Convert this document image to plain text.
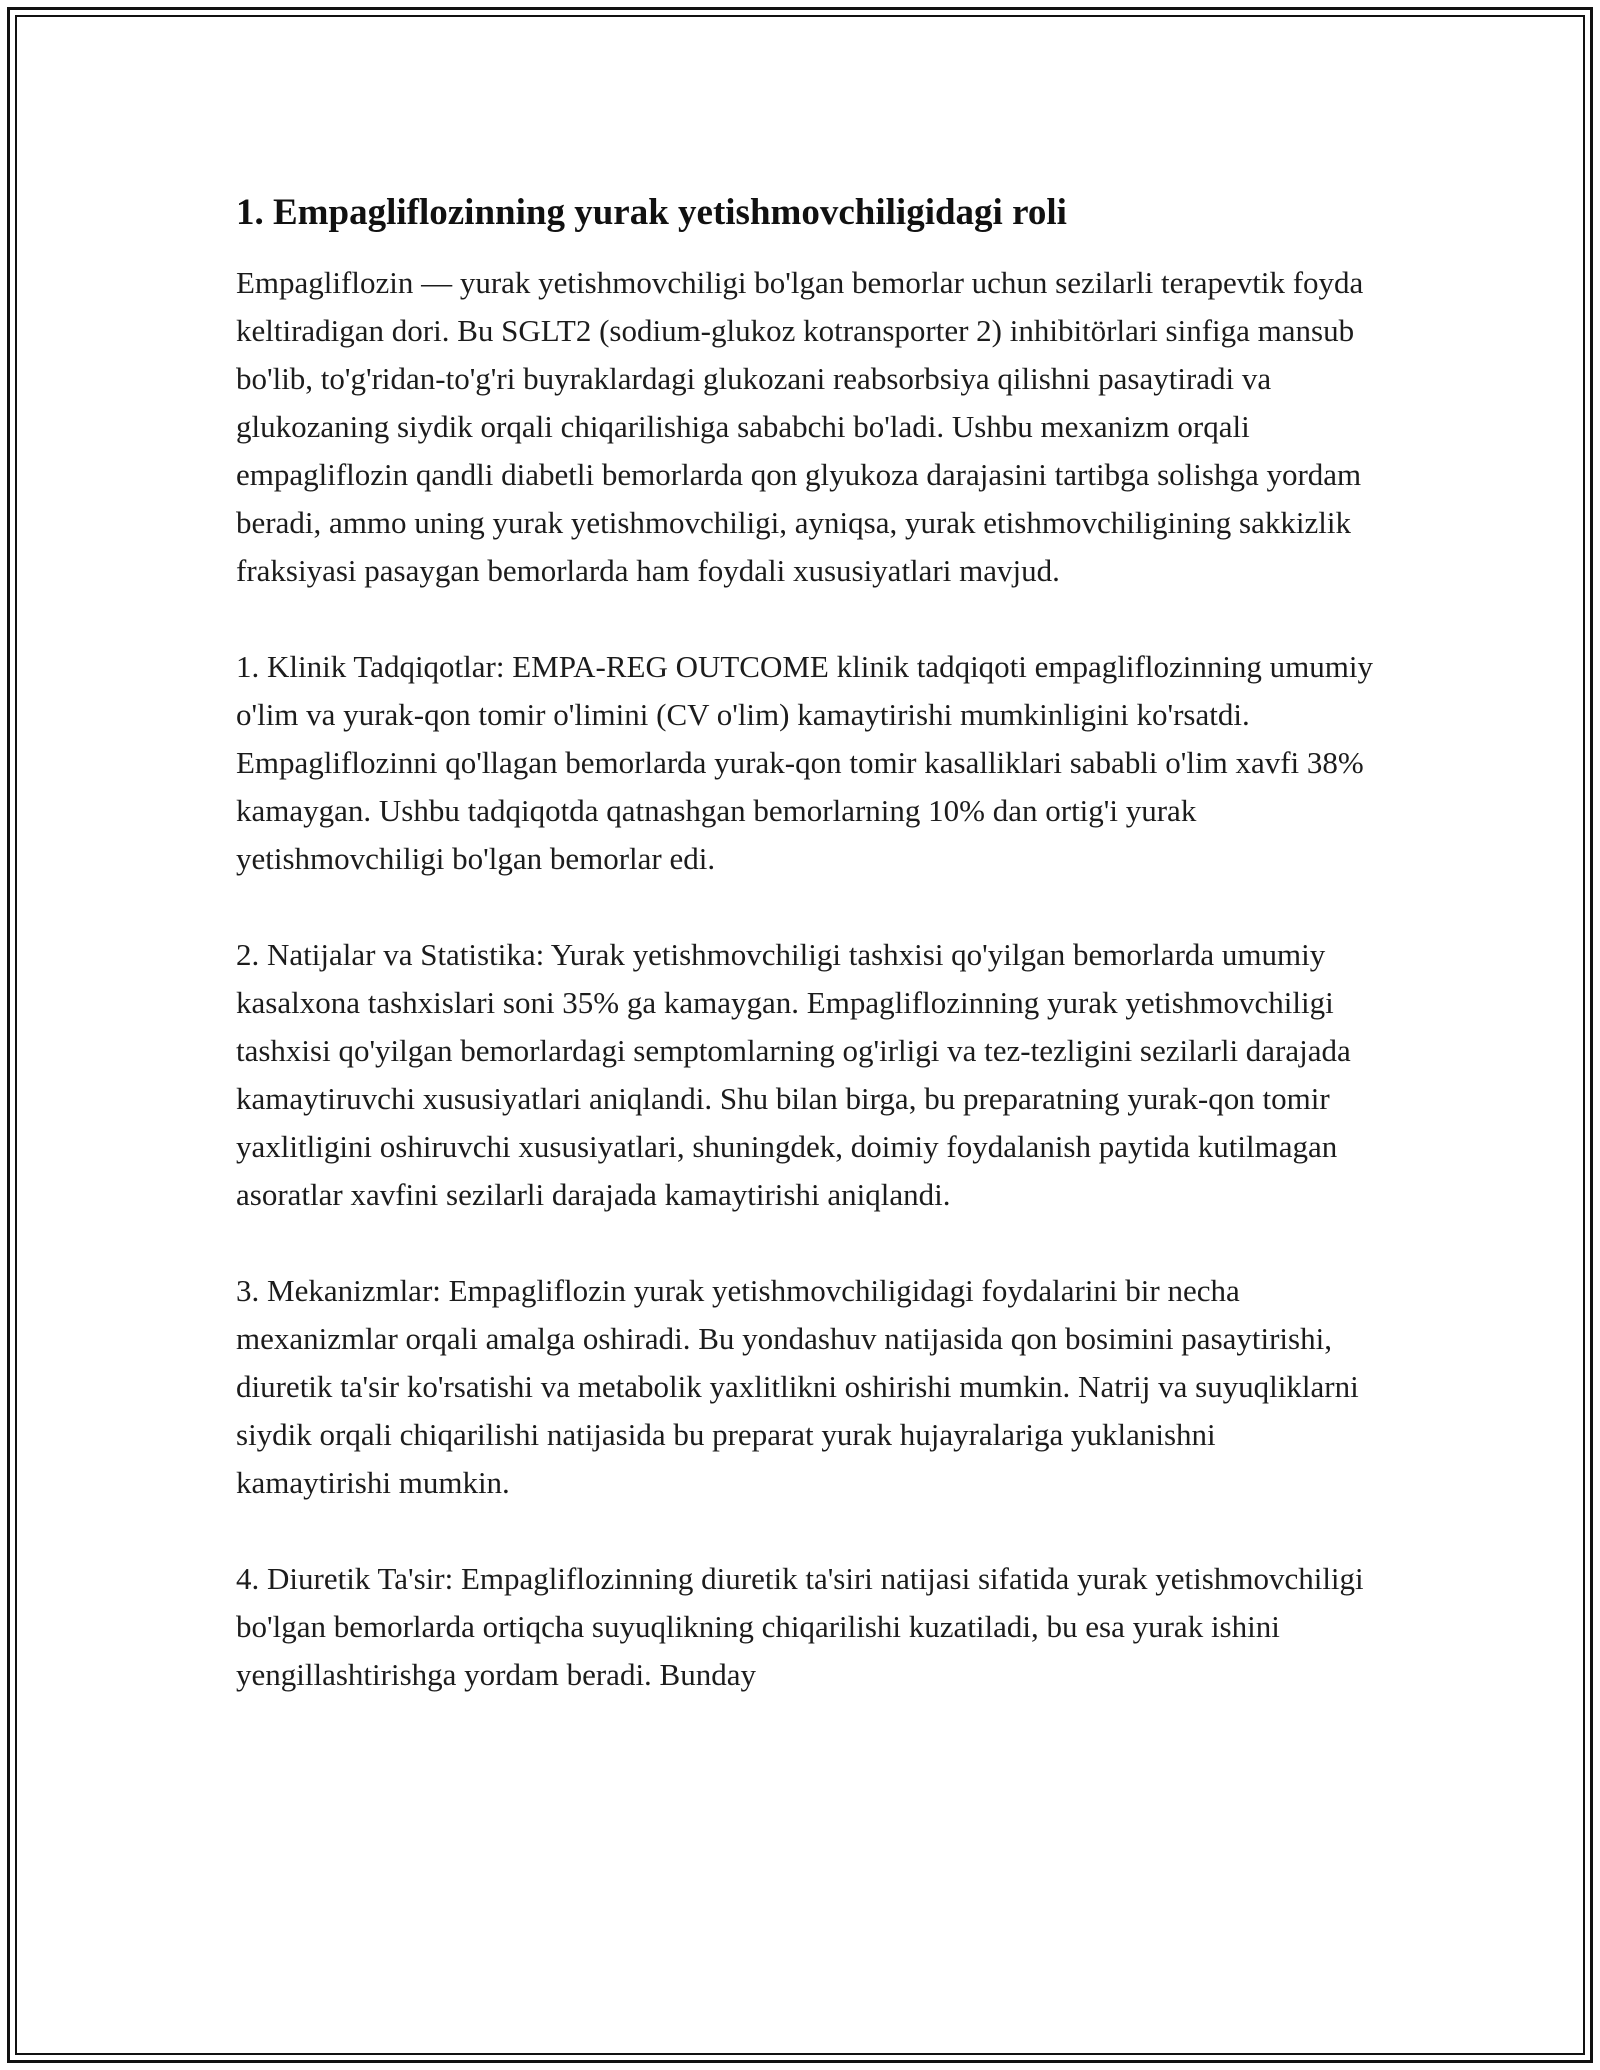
1. Empagliflozinning yurak yetishmovchiligidagi roli

Empagliflozin — yurak yetishmovchiligi bo'lgan bemorlar uchun sezilarli terapevtik foyda keltiradigan dori. Bu SGLT2 (sodium-glukoz kotransporter 2) inhibitörlari sinfiga mansub bo'lib, to'g'ridan-to'g'ri buyraklardagi glukozani reabsorbsiya qilishni pasaytiradi va glukozaning siydik orqali chiqarilishiga sababchi bo'ladi. Ushbu mexanizm orqali empagliflozin qandli diabetli bemorlarda qon glyukoza darajasini tartibga solishga yordam beradi, ammo uning yurak yetishmovchiligi, ayniqsa, yurak etishmovchiligining sakkizlik fraksiyasi pasaygan bemorlarda ham foydali xususiyatlari mavjud.

1. Klinik Tadqiqotlar: EMPA-REG OUTCOME klinik tadqiqoti empagliflozinning umumiy o'lim va yurak-qon tomir o'limini (CV o'lim) kamaytirishi mumkinligini ko'rsatdi. Empagliflozinni qo'llagan bemorlarda yurak-qon tomir kasalliklari sababli o'lim xavfi 38% kamaygan. Ushbu tadqiqotda qatnashgan bemorlarning 10% dan ortig'i yurak yetishmovchiligi bo'lgan bemorlar edi.

2. Natijalar va Statistika: Yurak yetishmovchiligi tashxisi qo'yilgan bemorlarda umumiy kasalxona tashxislari soni 35% ga kamaygan. Empagliflozinning yurak yetishmovchiligi tashxisi qo'yilgan bemorlardagi semptomlarning og'irligi va tez-tezligini sezilarli darajada kamaytiruvchi xususiyatlari aniqlandi. Shu bilan birga, bu preparatning yurak-qon tomir yaxlitligini oshiruvchi xususiyatlari, shuningdek, doimiy foydalanish paytida kutilmagan asoratlar xavfini sezilarli darajada kamaytirishi aniqlandi.

3. Mekanizmlar: Empagliflozin yurak yetishmovchiligidagi foydalarini bir necha mexanizmlar orqali amalga oshiradi. Bu yondashuv natijasida qon bosimini pasaytirishi, diuretik ta'sir ko'rsatishi va metabolik yaxlitlikni oshirishi mumkin. Natrij va suyuqliklarni siydik orqali chiqarilishi natijasida bu preparat yurak hujayralariga yuklanishni kamaytirishi mumkin.

4. Diuretik Ta'sir: Empagliflozinning diuretik ta'siri natijasi sifatida yurak yetishmovchiligi bo'lgan bemorlarda ortiqcha suyuqlikning chiqarilishi kuzatiladi, bu esa yurak ishini yengillashtirishga yordam beradi. Bunday
